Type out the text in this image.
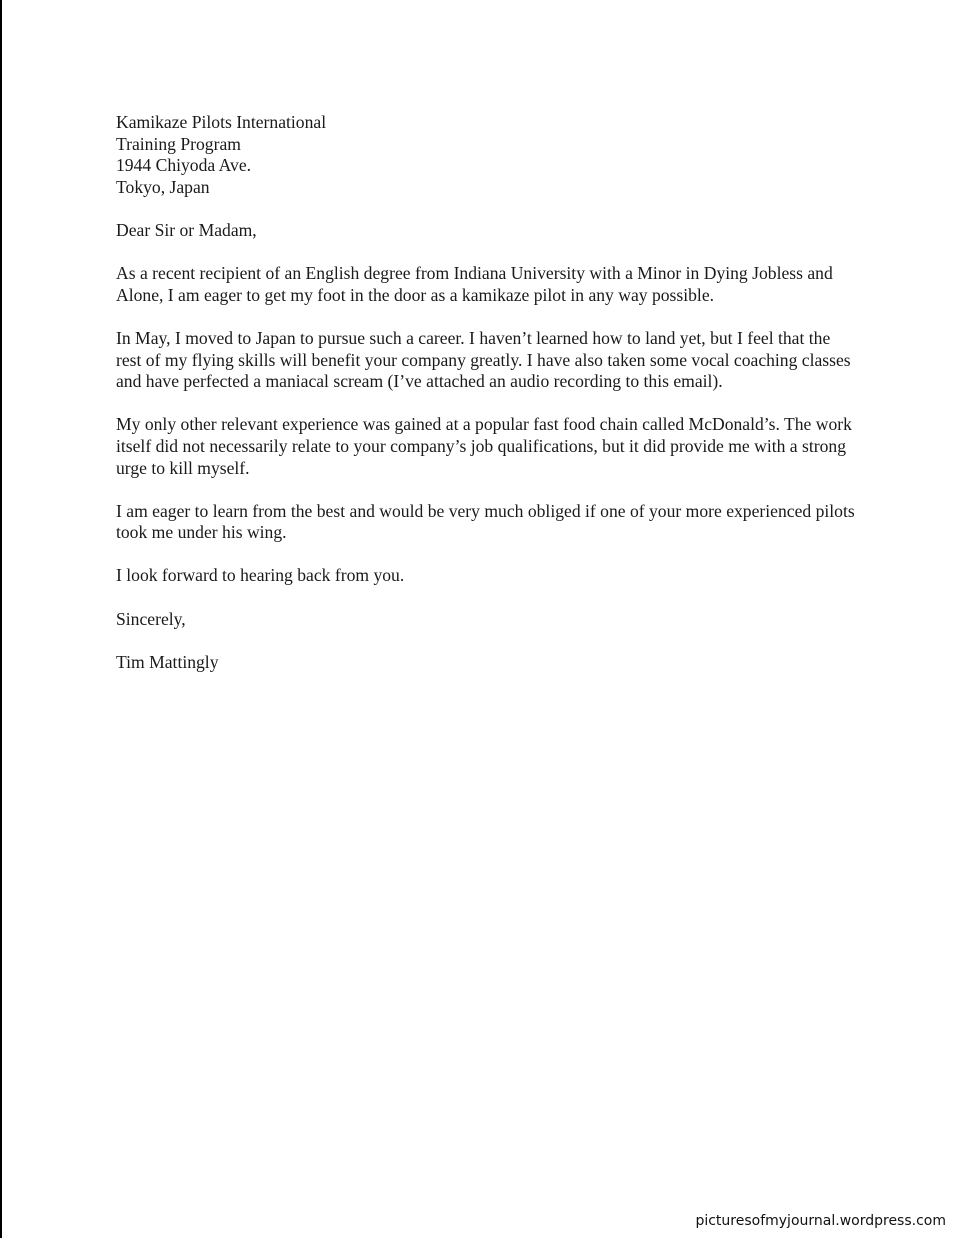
Kamikaze Pilots International
Training Program
1944 Chiyoda Ave.
Tokyo, Japan

Dear Sir or Madam,

As a recent recipient of an English degree from Indiana University with a Minor in Dying Jobless and Alone, I am eager to get my foot in the door as a kamikaze pilot in any way possible.

In May, I moved to Japan to pursue such a career. I haven’t learned how to land yet, but I feel that the rest of my flying skills will benefit your company greatly. I have also taken some vocal coaching classes and have perfected a maniacal scream (I’ve attached an audio recording to this email).

My only other relevant experience was gained at a popular fast food chain called McDonald’s. The work itself did not necessarily relate to your company’s job qualifications, but it did provide me with a strong urge to kill myself.

I am eager to learn from the best and would be very much obliged if one of your more experienced pilots took me under his wing.

I look forward to hearing back from you.

Sincerely,

Tim Mattingly

picturesofmyjournal.wordpress.com
